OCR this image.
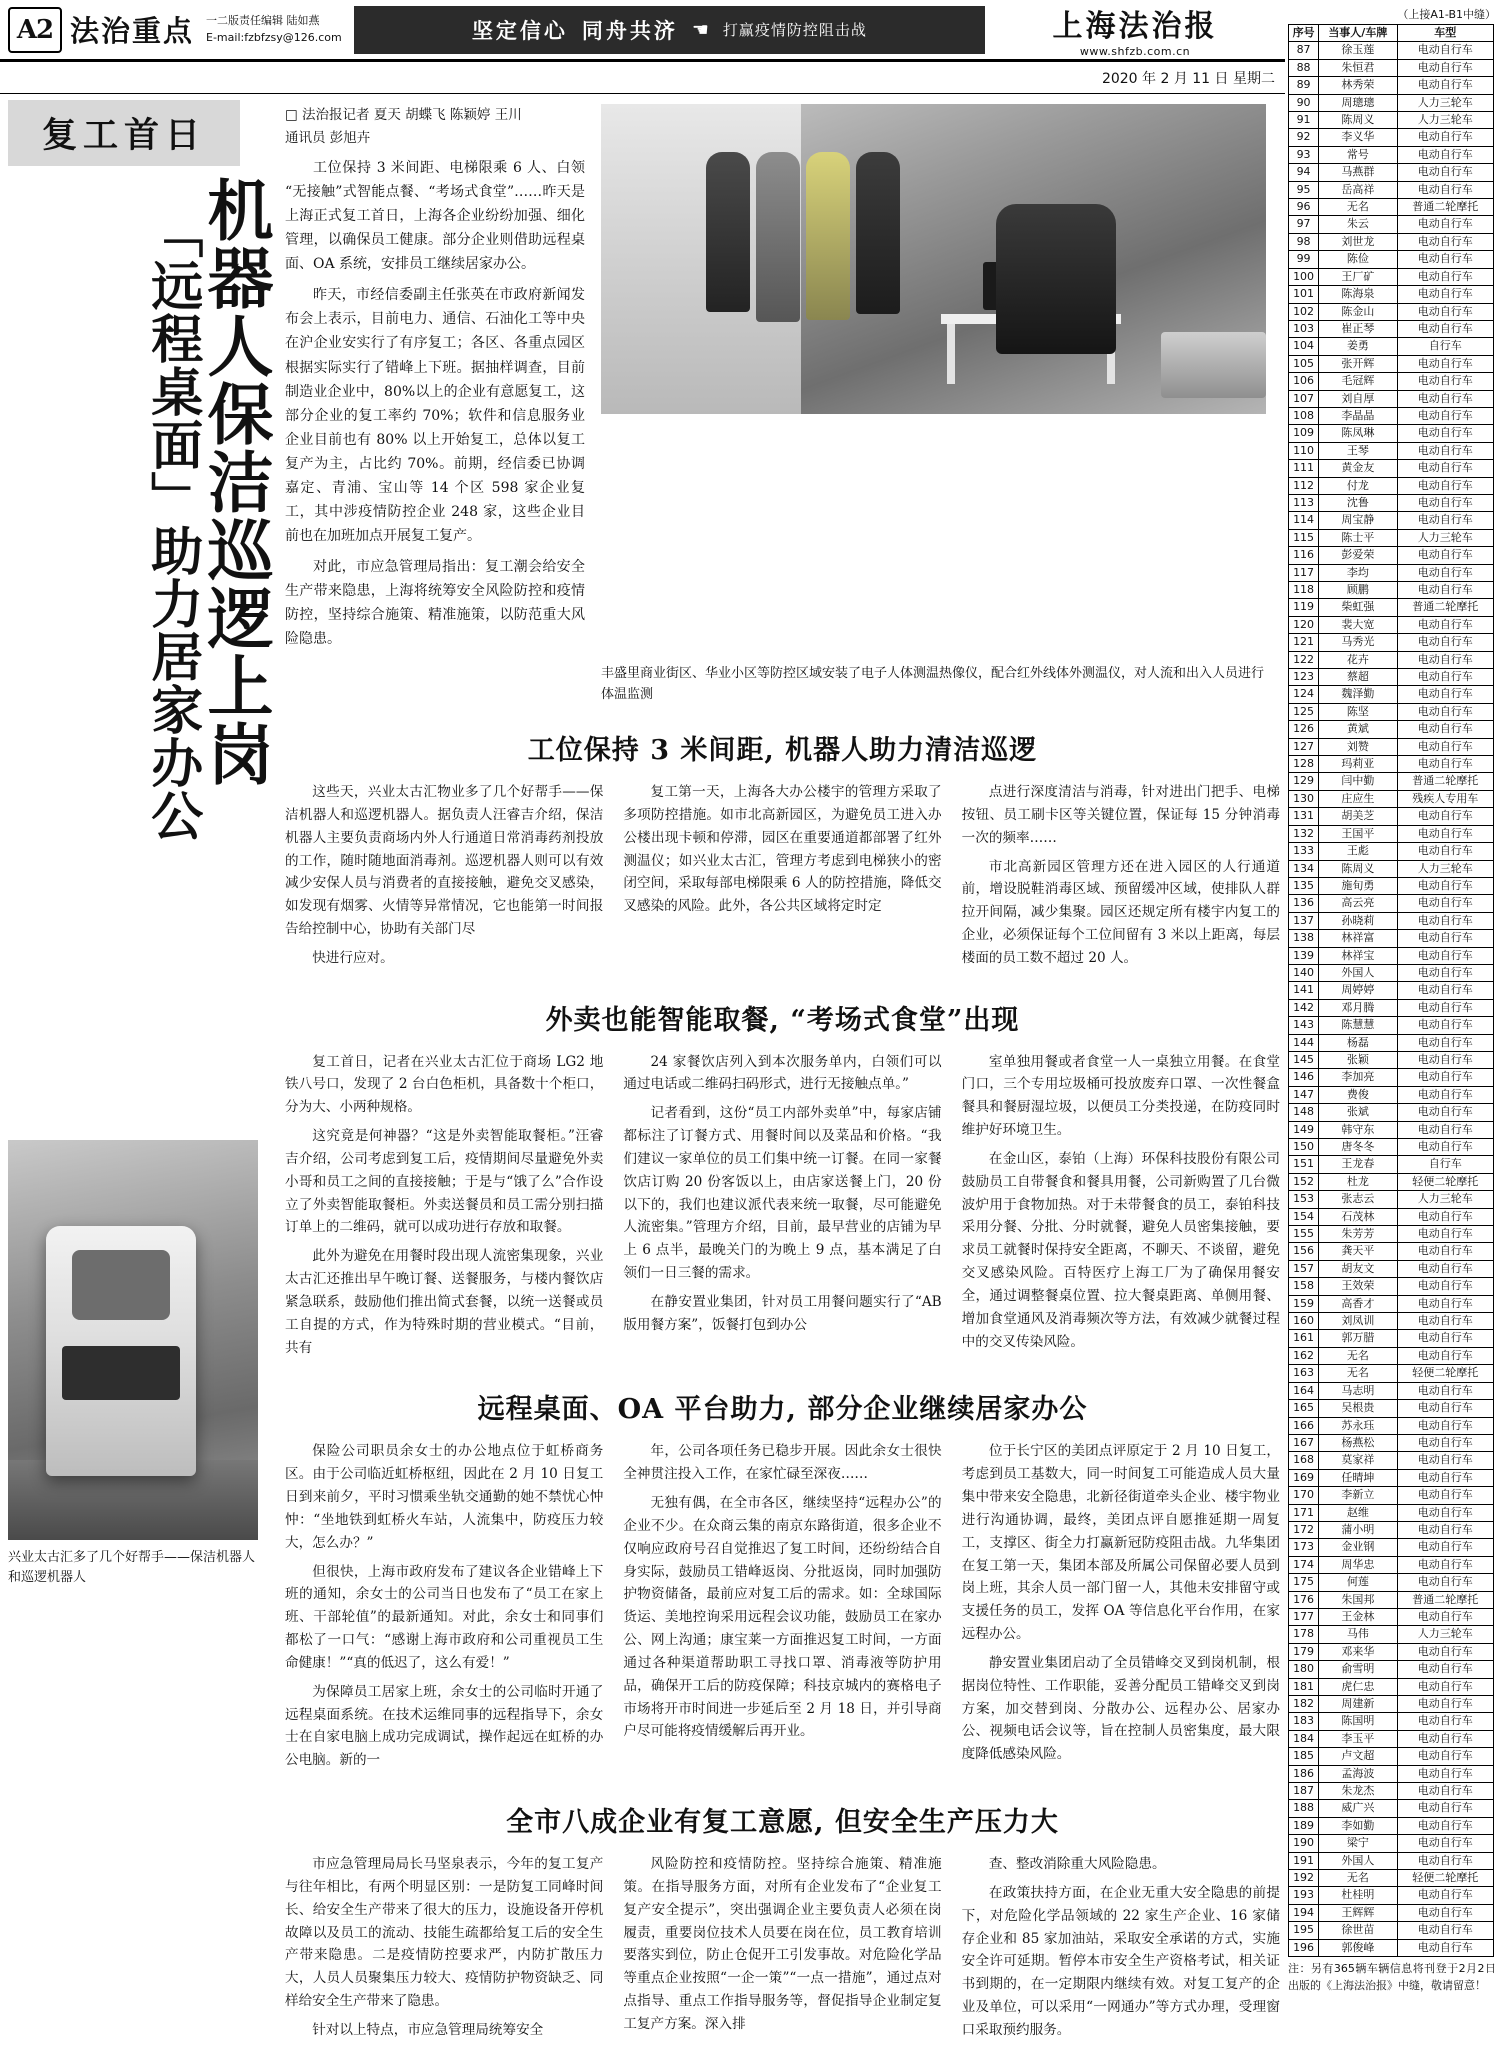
A2 法治重点 一二版责任编辑 陆如燕
E-mail:fzbfzsy@126.com	坚定信心 同舟共济 ☚ 打赢疫情防控阻击战	上海法治报
www.shfzb.com.cn
2020 年 2 月 11 日 星期二
复工首日
机器人保洁巡逻上岗
「远程桌面」助力居家办公
兴业太古汇多了几个好帮手——保洁机器人和巡逻机器人
□ 法治报记者 夏天 胡蝶飞 陈颖婷 王川
通讯员 彭旭卉

工位保持 3 米间距、电梯限乘 6 人、白领“无接触”式智能点餐、“考场式食堂”……昨天是上海正式复工首日，上海各企业纷纷加强、细化管理，以确保员工健康。部分企业则借助远程桌面、OA 系统，安排员工继续居家办公。

昨天，市经信委副主任张英在市政府新闻发布会上表示，目前电力、通信、石油化工等中央在沪企业安实行了有序复工；各区、各重点园区根据实际实行了错峰上下班。据抽样调查，目前制造业企业中，80%以上的企业有意愿复工，这部分企业的复工率约 70%；软件和信息服务业企业目前也有 80% 以上开始复工，总体以复工复产为主，占比约 70%。前期，经信委已协调嘉定、青浦、宝山等 14 个区 598 家企业复工，其中涉疫情防控企业 248 家，这些企业目前也在加班加点开展复工复产。

对此，市应急管理局指出：复工潮会给安全生产带来隐患，上海将统筹安全风险防控和疫情防控，坚持综合施策、精准施策，以防范重大风险隐患。

丰盛里商业街区、华业小区等防控区域安装了电子人体测温热像仪，配合红外线体外测温仪，对人流和出入人员进行体温监测
工位保持 3 米间距, 机器人助力清洁巡逻

这些天，兴业太古汇物业多了几个好帮手——保洁机器人和巡逻机器人。据负责人汪睿吉介绍，保洁机器人主要负责商场内外人行通道日常消毒药剂投放的工作，随时随地面消毒剂。巡逻机器人则可以有效减少安保人员与消费者的直接接触，避免交叉感染，如发现有烟雾、火情等异常情况，它也能第一时间报告给控制中心，协助有关部门尽

快进行应对。

复工第一天，上海各大办公楼宇的管理方采取了多项防控措施。如市北高新园区，为避免员工进入办公楼出现卡顿和停滞，园区在重要通道都部署了红外测温仪；如兴业太古汇，管理方考虑到电梯狭小的密闭空间，采取每部电梯限乘 6 人的防控措施，降低交叉感染的风险。此外，各公共区域将定时定

点进行深度清洁与消毒，针对进出门把手、电梯按钮、员工刷卡区等关键位置，保证每 15 分钟消毒一次的频率……

市北高新园区管理方还在进入园区的人行通道前，增设脱鞋消毒区域、预留缓冲区域，使排队人群拉开间隔，减少集聚。园区还规定所有楼宇内复工的企业，必须保证每个工位间留有 3 米以上距离，每层楼面的员工数不超过 20 人。

外卖也能智能取餐, “考场式食堂”出现

复工首日，记者在兴业太古汇位于商场 LG2 地铁八号口，发现了 2 台白色柜机，具备数十个柜口，分为大、小两种规格。

这究竟是何神器？“这是外卖智能取餐柜。”汪睿吉介绍，公司考虑到复工后，疫情期间尽量避免外卖小哥和员工之间的直接接触；于是与“饿了么”合作设立了外卖智能取餐柜。外卖送餐员和员工需分别扫描订单上的二维码，就可以成功进行存放和取餐。

此外为避免在用餐时段出现人流密集现象，兴业太古汇还推出早午晚订餐、送餐服务，与楼内餐饮店紧急联系，鼓励他们推出简式套餐，以统一送餐或员工自提的方式，作为特殊时期的营业模式。“目前，共有

24 家餐饮店列入到本次服务单内，白领们可以通过电话或二维码扫码形式，进行无接触点单。”

记者看到，这份“员工内部外卖单”中，每家店铺都标注了订餐方式、用餐时间以及菜品和价格。“我们建议一家单位的员工们集中统一订餐。在同一家餐饮店订购 20 份客饭以上，由店家送餐上门，20 份以下的，我们也建议派代表来统一取餐，尽可能避免人流密集。”管理方介绍，目前，最早营业的店铺为早上 6 点半，最晚关门的为晚上 9 点，基本满足了白领们一日三餐的需求。

在静安置业集团，针对员工用餐问题实行了“AB 版用餐方案”，饭餐打包到办公

室单独用餐或者食堂一人一桌独立用餐。在食堂门口，三个专用垃圾桶可投放废弃口罩、一次性餐盒餐具和餐厨湿垃圾，以便员工分类投递，在防疫同时维护好环境卫生。

在金山区，泰铂（上海）环保科技股份有限公司鼓励员工自带餐食和餐具用餐，公司新购置了几台微波炉用于食物加热。对于未带餐食的员工，泰铂科技采用分餐、分批、分时就餐，避免人员密集接触，要求员工就餐时保持安全距离，不聊天、不谈留，避免交叉感染风险。百特医疗上海工厂为了确保用餐安全，通过调整餐桌位置、拉大餐桌距离、单侧用餐、增加食堂通风及消毒频次等方法，有效减少就餐过程中的交叉传染风险。

远程桌面、OA 平台助力, 部分企业继续居家办公

保险公司职员余女士的办公地点位于虹桥商务区。由于公司临近虹桥枢纽，因此在 2 月 10 日复工日到来前夕，平时习惯乘坐轨交通勤的她不禁忧心忡忡：“坐地铁到虹桥火车站，人流集中，防疫压力较大，怎么办？”

但很快，上海市政府发布了建议各企业错峰上下班的通知，余女士的公司当日也发布了“员工在家上班、干部轮值”的最新通知。对此，余女士和同事们都松了一口气：“感谢上海市政府和公司重视员工生命健康！”“真的低迟了，这么有爱！”

为保障员工居家上班，余女士的公司临时开通了远程桌面系统。在技术运维同事的远程指导下，余女士在自家电脑上成功完成调试，操作起远在虹桥的办公电脑。新的一

年，公司各项任务已稳步开展。因此余女士很快全神贯注投入工作，在家忙碌至深夜……

无独有偶，在全市各区，继续坚持“远程办公”的企业不少。在众商云集的南京东路街道，很多企业不仅响应政府号召自觉推迟了复工时间，还纷纷结合自身实际，鼓励员工错峰返岗、分批返岗，同时加强防护物资储备，最前应对复工后的需求。如：全球国际货运、美地控询采用远程会议功能，鼓励员工在家办公、网上沟通；康宝莱一方面推迟复工时间，一方面通过各种渠道帮助职工寻找口罩、消毒液等防护用品，确保开工后的防疫保障；科技京城内的赛格电子市场将开市时间进一步延后至 2 月 18 日，并引导商户尽可能将疫情缓解后再开业。

位于长宁区的美团点评原定于 2 月 10 日复工，考虑到员工基数大，同一时间复工可能造成人员大量集中带来安全隐患，北新径街道牵头企业、楼宇物业进行沟通协调，最终，美团点评自愿推延期一周复工，支撑区、街全力打赢新冠防疫阻击战。九华集团在复工第一天，集团本部及所属公司保留必要人员到岗上班，其余人员一部门留一人，其他未安排留守或支援任务的员工，发挥 OA 等信息化平台作用，在家远程办公。

静安置业集团启动了全员错峰交叉到岗机制，根据岗位特性、工作职能，妥善分配员工错峰交叉到岗方案，加交替到岗、分散办公、远程办公、居家办公、视频电话会议等，旨在控制人员密集度，最大限度降低感染风险。

全市八成企业有复工意愿, 但安全生产压力大

市应急管理局局长马坚泉表示，今年的复工复产与往年相比，有两个明显区别：一是防复工同峰时间长、给安全生产带来了很大的压力，设施设备开停机故障以及员工的流动、技能生疏都给复工后的安全生产带来隐患。二是疫情防控要求严，内防扩散压力大，人员人员聚集压力较大、疫情防护物资缺乏、同样给安全生产带来了隐患。

针对以上特点，市应急管理局统筹安全

风险防控和疫情防控。坚持综合施策、精准施策。在指导服务方面，对所有企业发布了“企业复工复产安全提示”，突出强调企业主要负责人必须在岗履责，重要岗位技术人员要在岗在位，员工教育培训要落实到位，防止仓促开工引发事故。对危险化学品等重点企业按照“一企一策”“一点一措施”，通过点对点指导、重点工作指导服务等，督促指导企业制定复工复产方案。深入排

查、整改消除重大风险隐患。

在政策扶持方面，在企业无重大安全隐患的前提下，对危险化学品领域的 22 家生产企业、16 家储存企业和 85 家加油站，采取安全承诺的方式，实施安全许可延期。暂停本市安全生产资格考试，相关证书到期的，在一定期限内继续有效。对复工复产的企业及单位，可以采用“一网通办”等方式办理，受理窗口采取预约服务。

（上接A1-B1中缝）
序号	当事人/车牌	车型
87	徐玉莲	电动自行车
88	朱恒君	电动自行车
89	林秀荣	电动自行车
90	周璁璁	人力三轮车
91	陈周义	人力三轮车
92	李义华	电动自行车
93	常号	电动自行车
94	马燕群	电动自行车
95	岳高祥	电动自行车
96	无名	普通二轮摩托
97	朱云	电动自行车
98	刘世龙	电动自行车
99	陈俭	电动自行车
100	王厂矿	电动自行车
101	陈海泉	电动自行车
102	陈金山	电动自行车
103	崔正琴	电动自行车
104	姜勇	自行车
105	张开辉	电动自行车
106	毛冠辉	电动自行车
107	刘自厚	电动自行车
108	李晶晶	电动自行车
109	陈凤琳	电动自行车
110	王琴	电动自行车
111	黄金友	电动自行车
112	付龙	电动自行车
113	沈鲁	电动自行车
114	周宝静	电动自行车
115	陈士平	人力三轮车
116	彭爱荣	电动自行车
117	李均	电动自行车
118	顾鹏	电动自行车
119	柴虹强	普通二轮摩托
120	裴大宽	电动自行车
121	马秀光	电动自行车
122	花卉	电动自行车
123	蔡超	电动自行车
124	魏泽勤	电动自行车
125	陈坚	电动自行车
126	黄斌	电动自行车
127	刘赞	电动自行车
128	玛莉亚	电动自行车
129	闫中勤	普通二轮摩托
130	庄应生	残疾人专用车
131	胡美芝	电动自行车
132	王国平	电动自行车
133	王彪	电动自行车
134	陈周义	人力三轮车
135	施旬勇	电动自行车
136	高云亮	电动自行车
137	孙晓莉	电动自行车
138	林祥富	电动自行车
139	林祥宝	电动自行车
140	外国人	电动自行车
141	周婷婷	电动自行车
142	邓月腾	电动自行车
143	陈慧慧	电动自行车
144	杨磊	电动自行车
145	张颖	电动自行车
146	李加亮	电动自行车
147	费俊	电动自行车
148	张斌	电动自行车
149	韩守东	电动自行车
150	唐冬冬	电动自行车
151	王龙春	自行车
152	杜龙	轻便二轮摩托
153	张志云	人力三轮车
154	石茂林	电动自行车
155	朱芳芳	电动自行车
156	龚天平	电动自行车
157	胡友文	电动自行车
158	王效荣	电动自行车
159	高香才	电动自行车
160	刘凤训	电动自行车
161	郭万腊	电动自行车
162	无名	电动自行车
163	无名	轻便二轮摩托
164	马志明	电动自行车
165	吴根贵	电动自行车
166	苏永珏	电动自行车
167	杨燕松	电动自行车
168	莫家祥	电动自行车
169	任晴坤	电动自行车
170	李新立	电动自行车
171	赵维	电动自行车
172	蒲小明	电动自行车
173	金业钢	电动自行车
174	周华忠	电动自行车
175	何莲	电动自行车
176	朱国邦	普通二轮摩托
177	王金林	电动自行车
178	马伟	人力三轮车
179	邓来华	电动自行车
180	俞雪明	电动自行车
181	虎仁忠	电动自行车
182	周建新	电动自行车
183	陈国明	电动自行车
184	李玉平	电动自行车
185	卢文超	电动自行车
186	孟海波	电动自行车
187	朱龙杰	电动自行车
188	威广兴	电动自行车
189	李如勤	电动自行车
190	梁宁	电动自行车
191	外国人	电动自行车
192	无名	轻便二轮摩托
193	杜桂明	电动自行车
194	王辉辉	电动自行车
195	徐世苗	电动自行车
196	郭俊峰	电动自行车
注：另有365辆车辆信息将刊登于2月2日出版的《上海法治报》中缝，敬请留意！
